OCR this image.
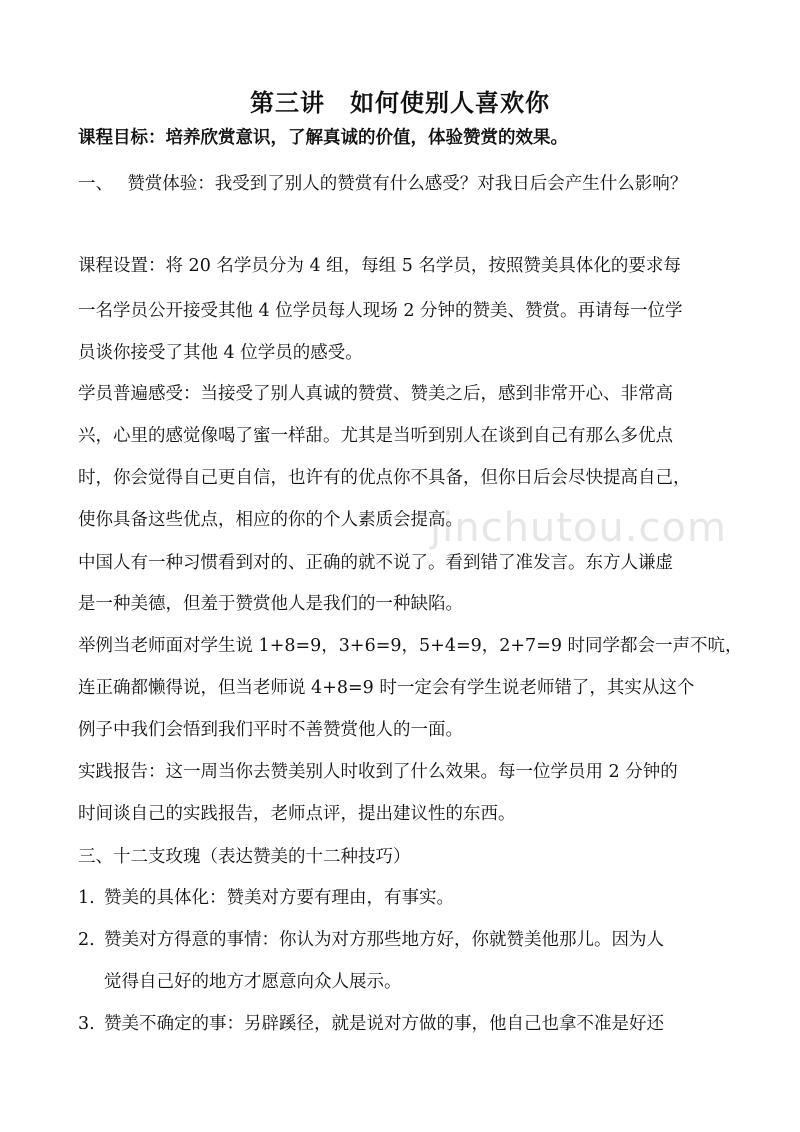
jinchutou.com
第三讲　如何使别人喜欢你
课程目标：培养欣赏意识，了解真诚的价值，体验赞赏的效果。
一、　 赞赏体验：我受到了别人的赞赏有什么感受？对我日后会产生什么影响？
课程设置：将 20 名学员分为 4 组，每组 5 名学员，按照赞美具体化的要求每
一名学员公开接受其他 4 位学员每人现场 2 分钟的赞美、赞赏。再请每一位学
员谈你接受了其他 4 位学员的感受。
学员普遍感受：当接受了别人真诚的赞赏、赞美之后，感到非常开心、非常高
兴，心里的感觉像喝了蜜一样甜。尤其是当听到别人在谈到自己有那么多优点
时，你会觉得自己更自信，也许有的优点你不具备，但你日后会尽快提高自己，
使你具备这些优点，相应的你的个人素质会提高。
中国人有一种习惯看到对的、正确的就不说了。看到错了准发言。东方人谦虚
是一种美德，但羞于赞赏他人是我们的一种缺陷。
举例当老师面对学生说 1+8=9，3+6=9，5+4=9，2+7=9 时同学都会一声不吭，
连正确都懒得说，但当老师说 4+8=9 时一定会有学生说老师错了，其实从这个
例子中我们会悟到我们平时不善赞赏他人的一面。
实践报告：这一周当你去赞美别人时收到了什么效果。每一位学员用 2 分钟的
时间谈自己的实践报告，老师点评，提出建议性的东西。
三、十二支玫瑰（表达赞美的十二种技巧）
1. 赞美的具体化：赞美对方要有理由，有事实。
2. 赞美对方得意的事情：你认为对方那些地方好，你就赞美他那儿。因为人
觉得自己好的地方才愿意向众人展示。
3. 赞美不确定的事：另辟蹊径，就是说对方做的事，他自己也拿不准是好还
